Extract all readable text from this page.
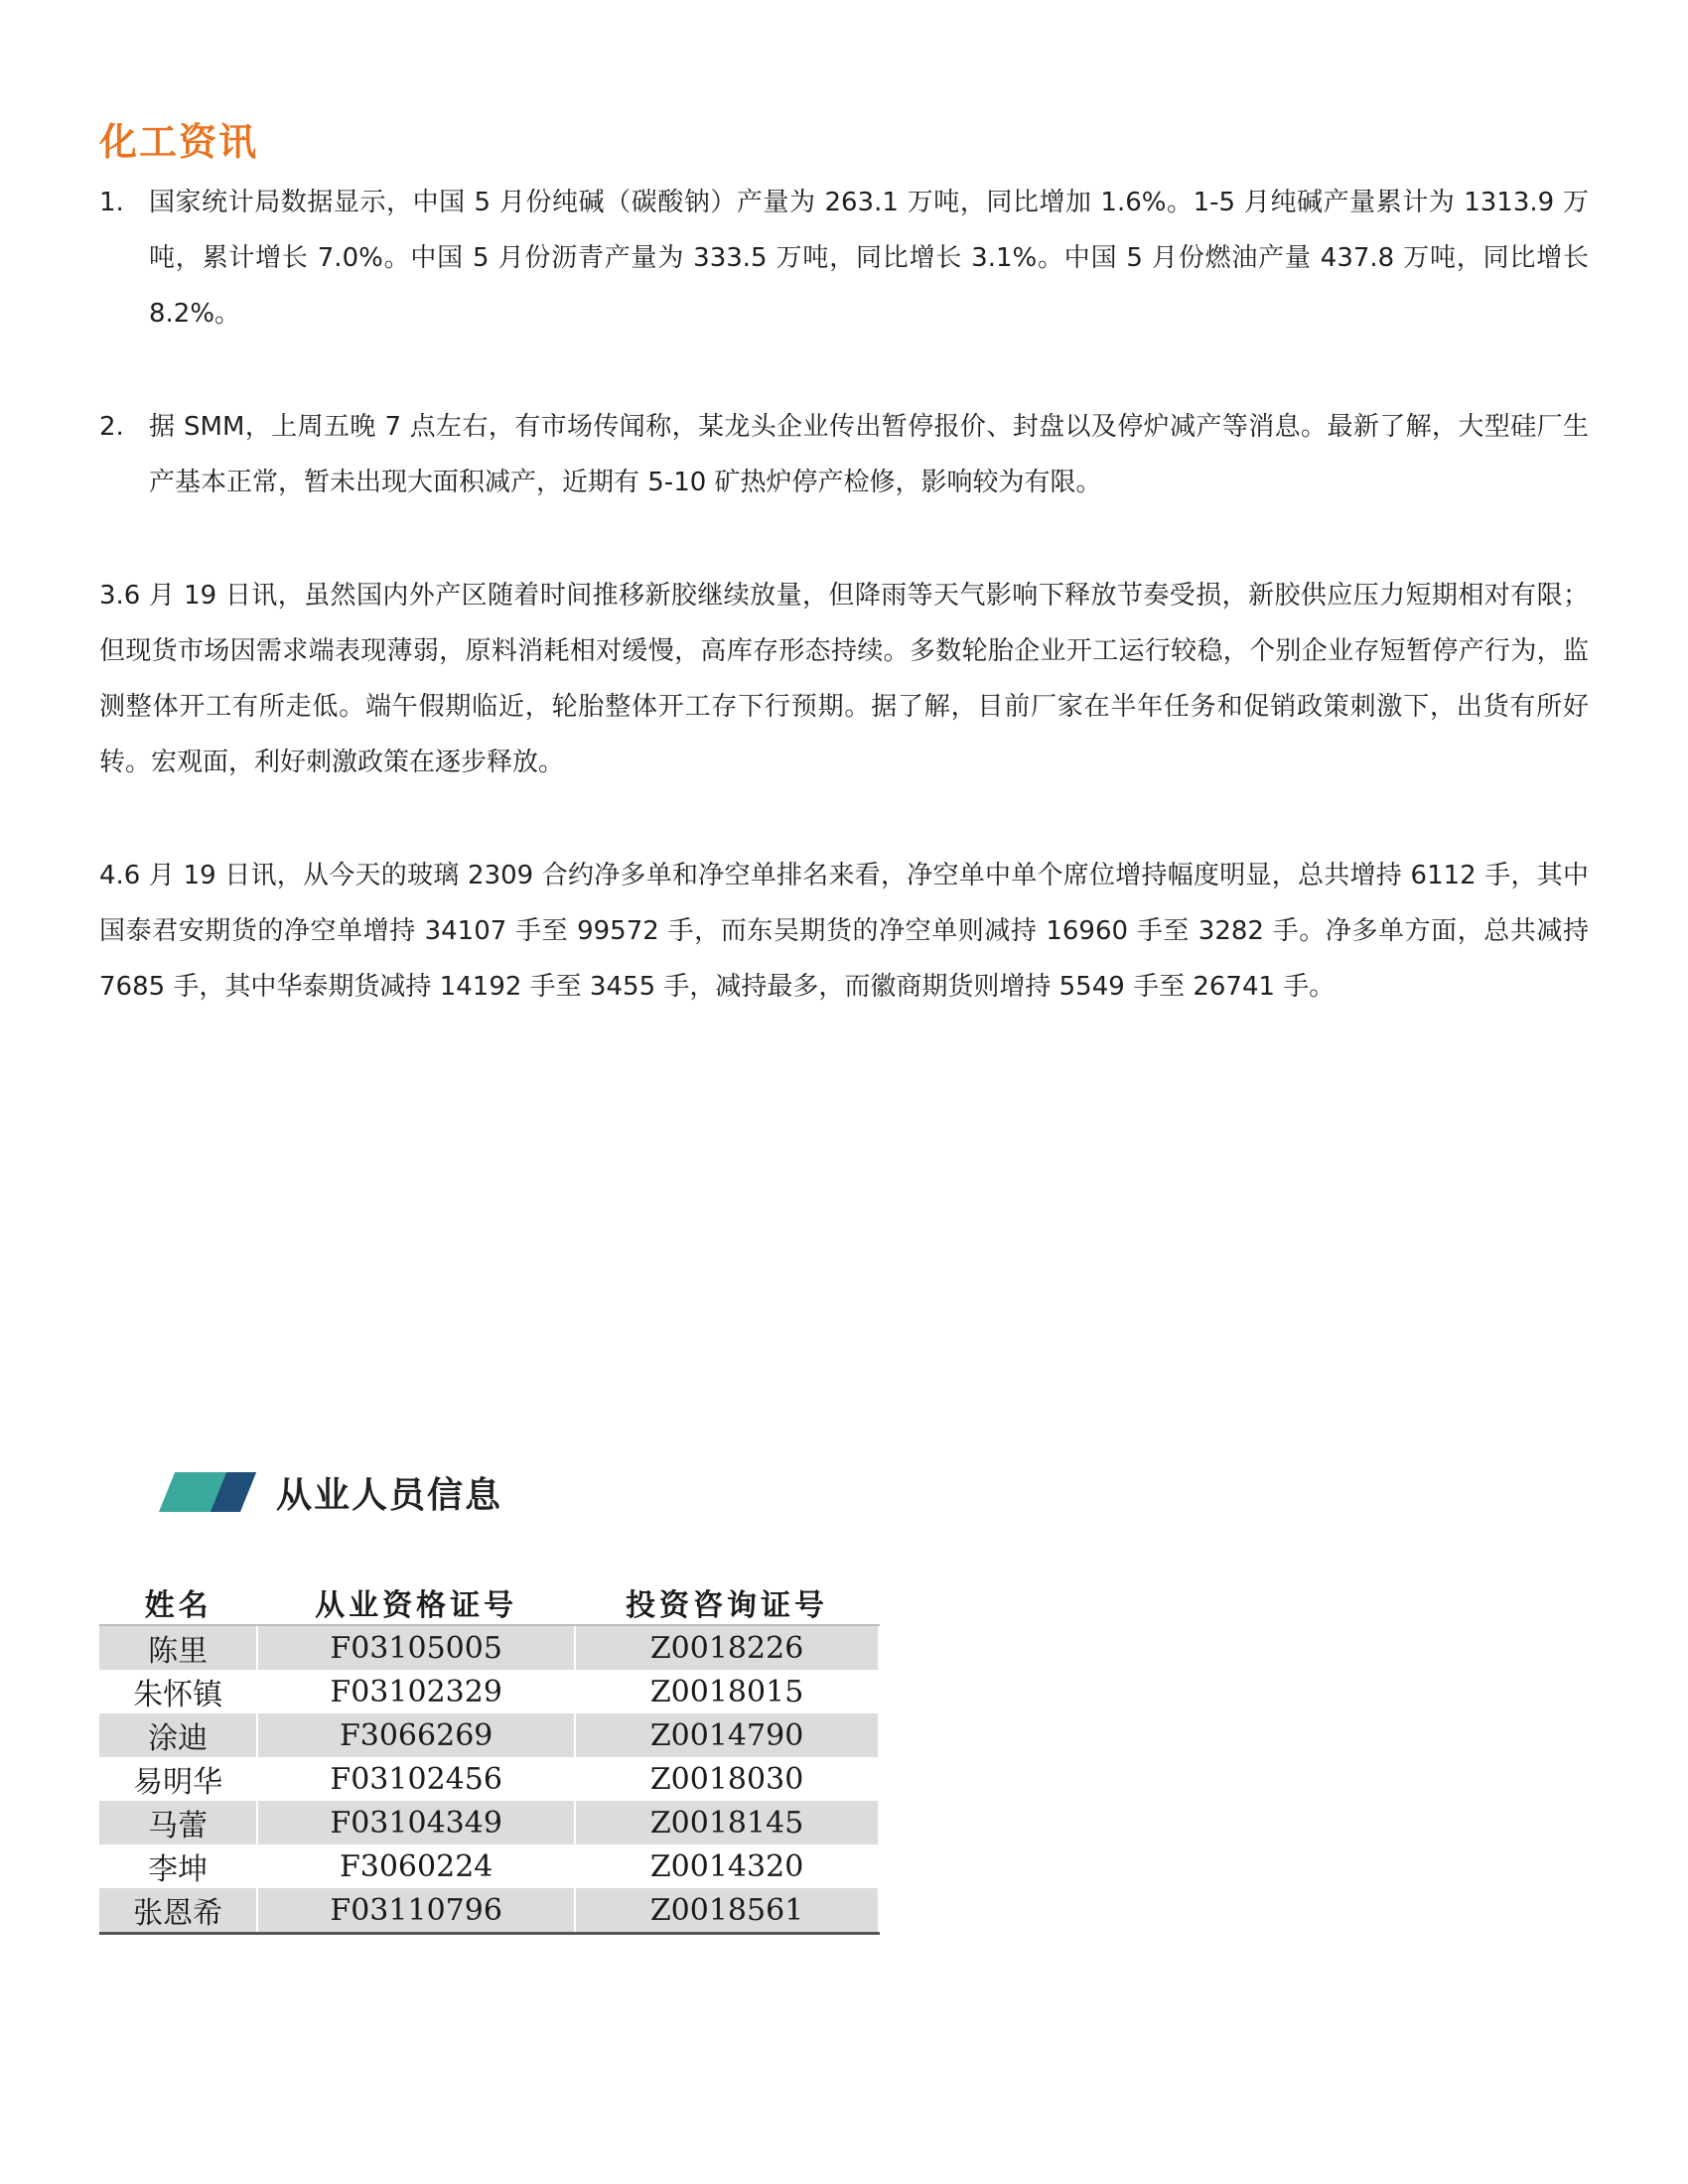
化工资讯
1. 国家统计局数据显示，中国 5 月份纯碱（碳酸钠）产量为 263.1 万吨，同比增加 1.6%。1-5 月纯碱产量累计为 1313.9 万吨，累计增长 7.0%。中国 5 月份沥青产量为 333.5 万吨，同比增长 3.1%。中国 5 月份燃油产量 437.8 万吨，同比增长 8.2%。
2. 据 SMM，上周五晚 7 点左右，有市场传闻称，某龙头企业传出暂停报价、封盘以及停炉减产等消息。最新了解，大型硅厂生产基本正常，暂未出现大面积减产，近期有 5-10 矿热炉停产检修，影响较为有限。
3.6 月 19 日讯，虽然国内外产区随着时间推移新胶继续放量，但降雨等天气影响下释放节奏受损，新胶供应压力短期相对有限；但现货市场因需求端表现薄弱，原料消耗相对缓慢，高库存形态持续。多数轮胎企业开工运行较稳，个别企业存短暂停产行为，监测整体开工有所走低。端午假期临近，轮胎整体开工存下行预期。据了解，目前厂家在半年任务和促销政策刺激下，出货有所好转。宏观面，利好刺激政策在逐步释放。
4.6 月 19 日讯，从今天的玻璃 2309 合约净多单和净空单排名来看，净空单中单个席位增持幅度明显，总共增持 6112 手，其中国泰君安期货的净空单增持 34107 手至 99572 手，而东吴期货的净空单则减持 16960 手至 3282 手。净多单方面，总共减持 7685 手，其中华泰期货减持 14192 手至 3455 手，减持最多，而徽商期货则增持 5549 手至 26741 手。
从业人员信息
姓名	从业资格证号	投资咨询证号
陈里	F03105005	Z0018226
朱怀镇	F03102329	Z0018015
涂迪	F3066269	Z0014790
易明华	F03102456	Z0018030
马蕾	F03104349	Z0018145
李坤	F3060224	Z0014320
张恩希	F03110796	Z0018561
